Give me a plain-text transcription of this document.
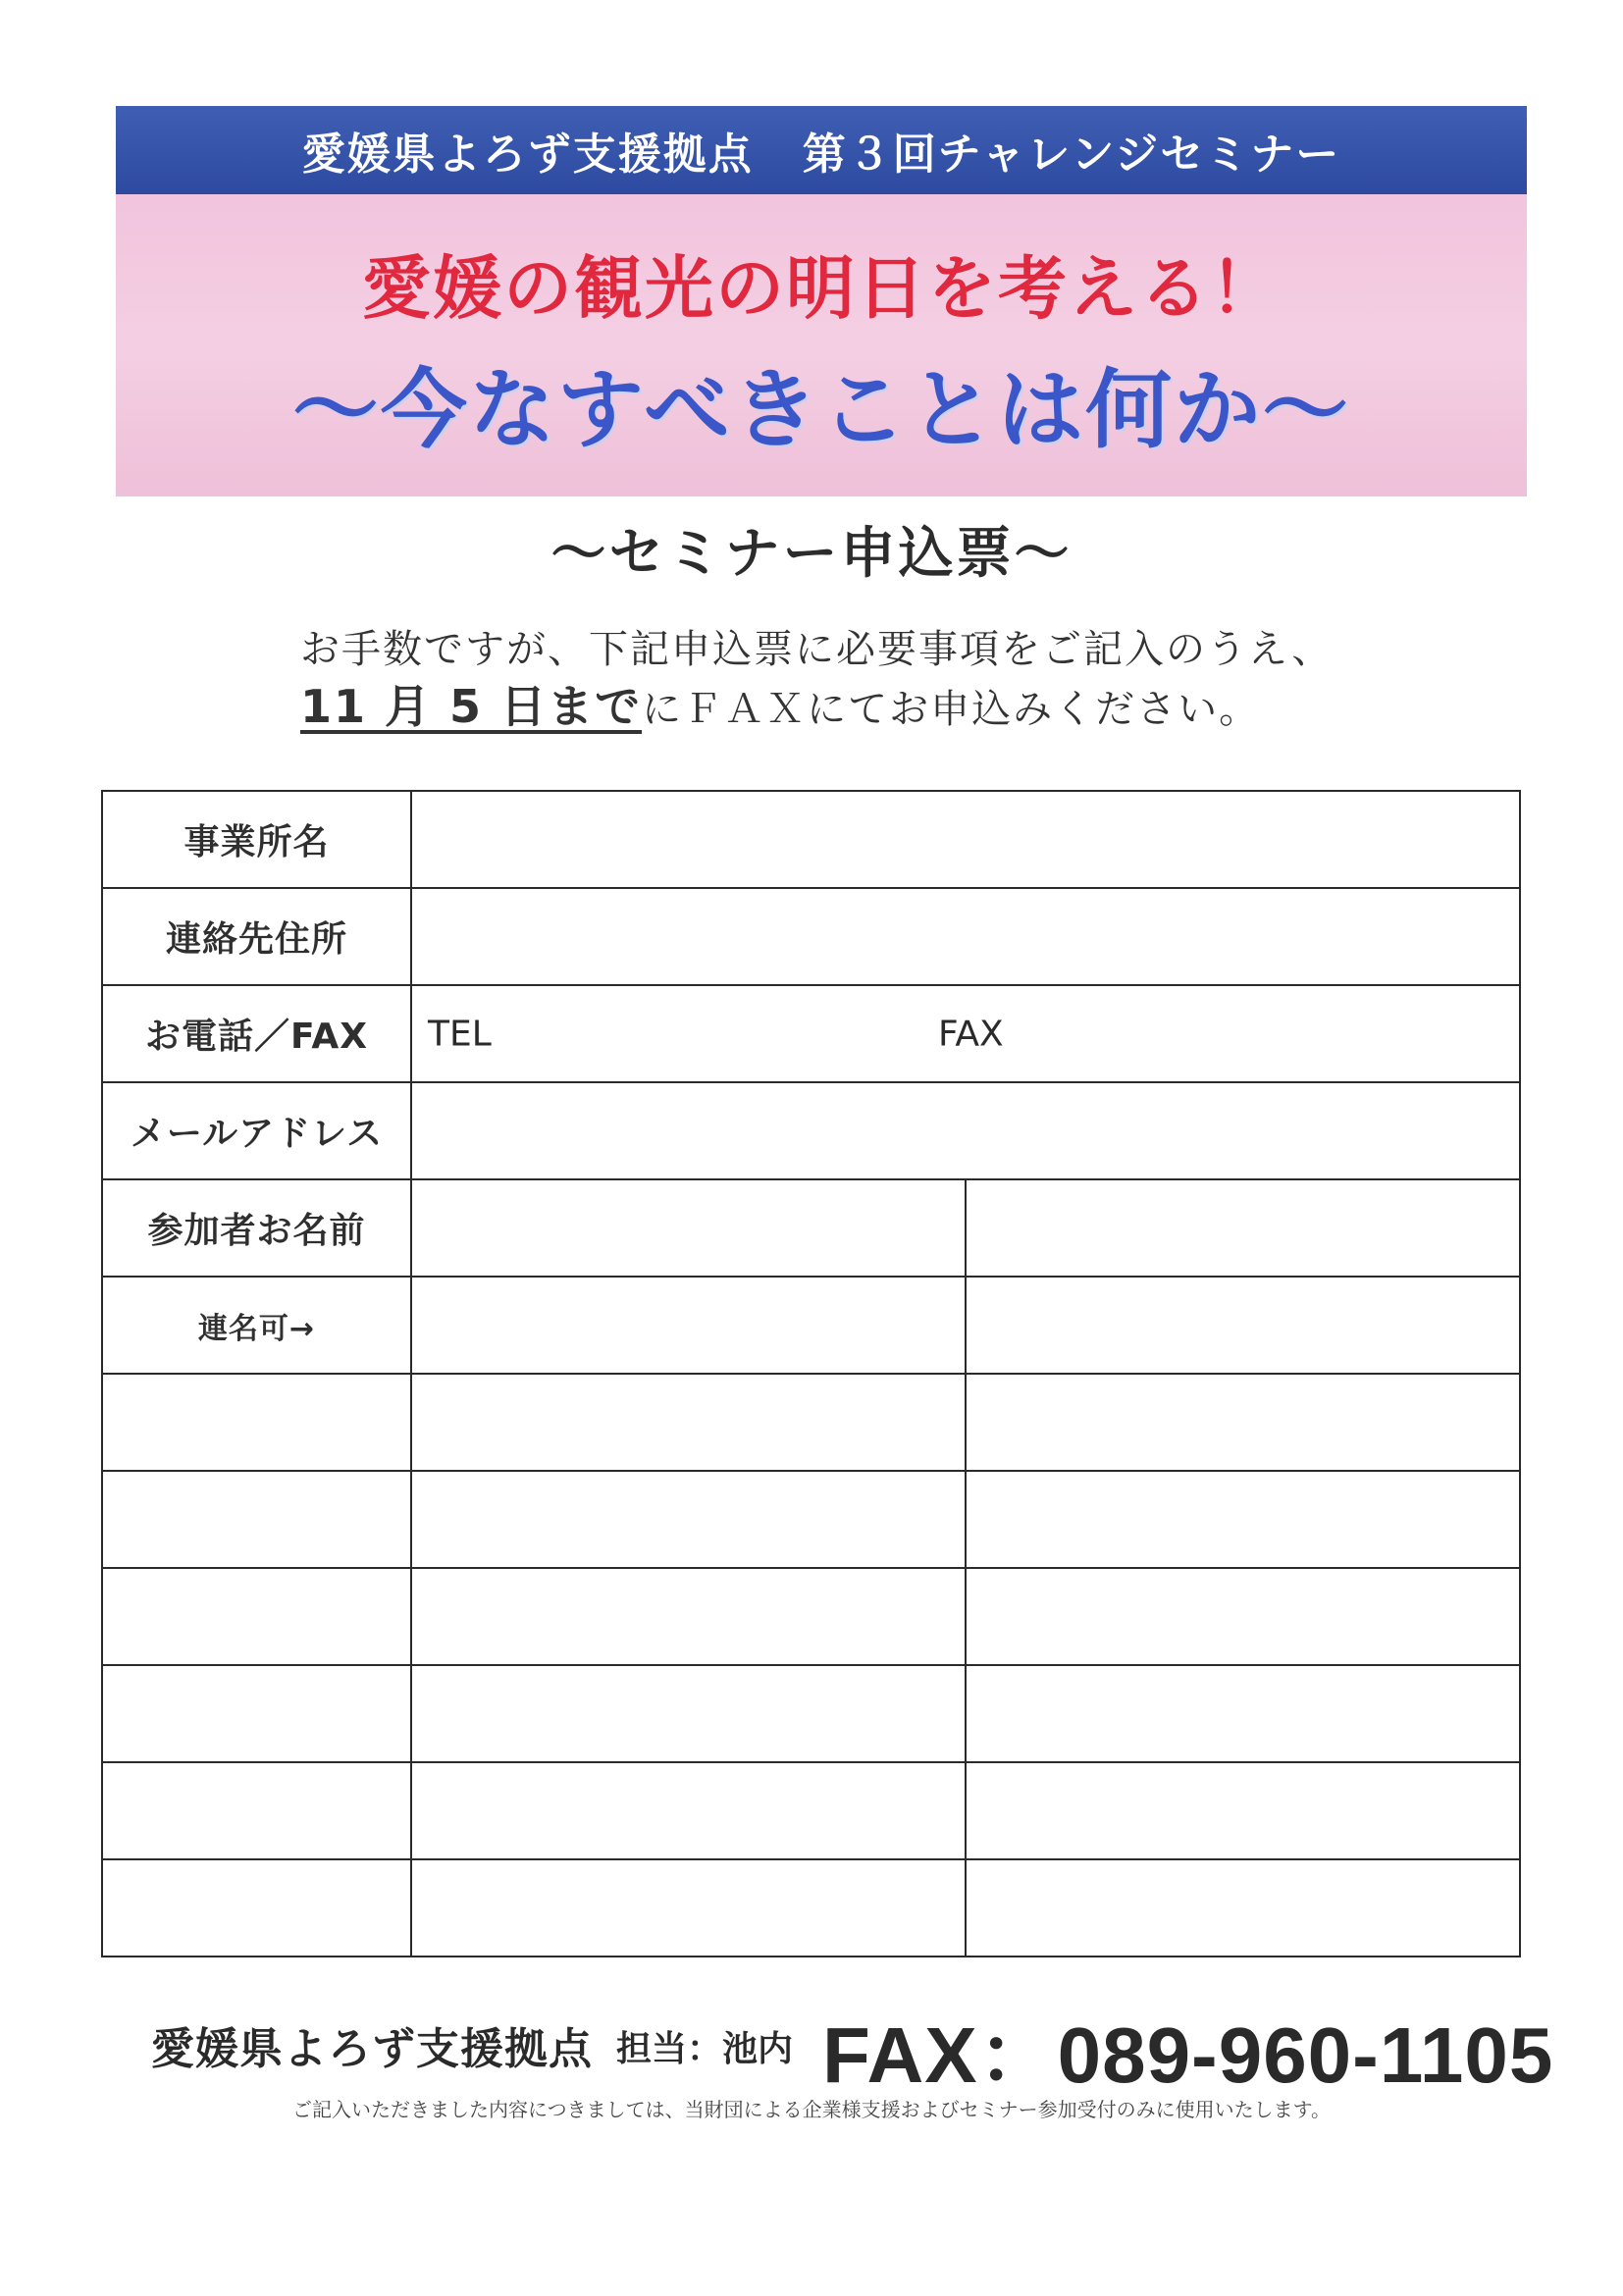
愛媛県よろず支援拠点 第３回チャレンジセミナー
愛媛の観光の明日を考える！
〜今なすべきことは何か〜
〜セミナー申込票〜
お手数ですが、下記申込票に必要事項をご記入のうえ、
11 月 5 日までにＦＡＸにてお申込みください。
事業所名		
連絡先住所		
お電話／FAX	TEL FAX	

メールアドレス		
参加者お名前		
連名可→		

愛媛県よろず支援拠点 担当：池内 FAX：089-960-1105
ご記入いただきました内容につきましては、当財団による企業様支援およびセミナー参加受付のみに使用いたします。
